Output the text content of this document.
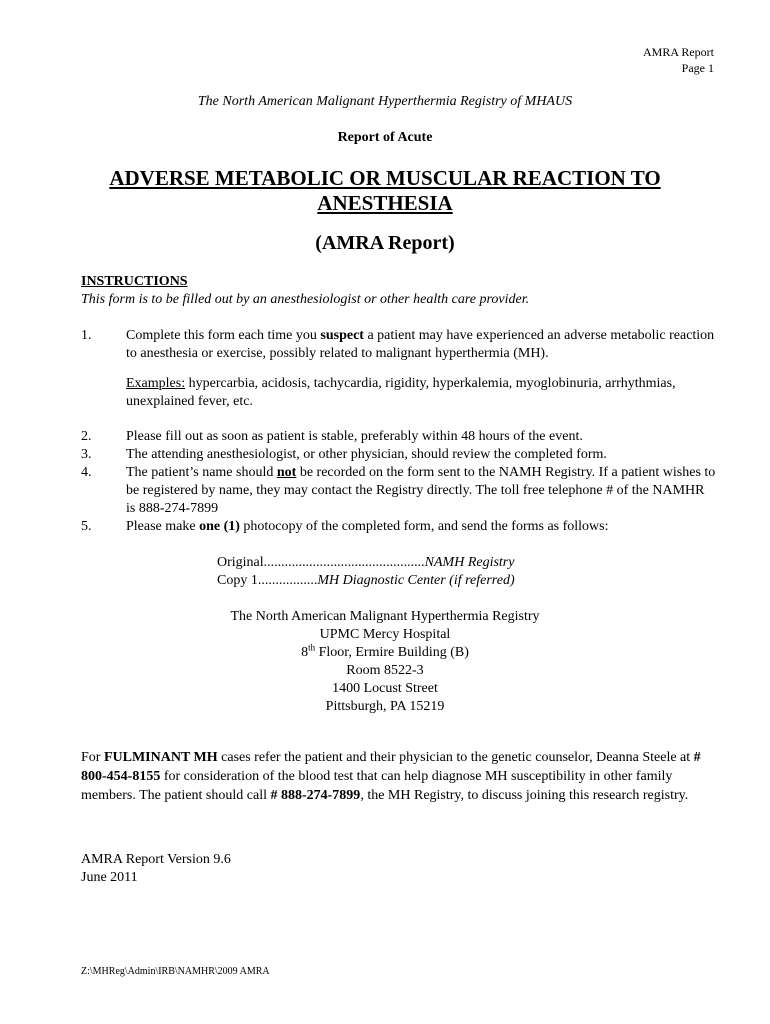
AMRA Report
Page 1
The North American Malignant Hyperthermia Registry of MHAUS
Report of Acute
ADVERSE METABOLIC OR MUSCULAR REACTION TO
ANESTHESIA
(AMRA Report)
INSTRUCTIONS
This form is to be filled out by an anesthesiologist or other health care provider.
1.	Complete this form each time you suspect a patient may have experienced an adverse metabolic reaction to anesthesia or exercise, possibly related to malignant hyperthermia (MH).
Examples: hypercarbia, acidosis, tachycardia, rigidity, hyperkalemia, myoglobinuria, arrhythmias, unexplained fever, etc.
2.	Please fill out as soon as patient is stable, preferably within 48 hours of the event.
3.	The attending anesthesiologist, or other physician, should review the completed form.
4.	The patient’s name should not be recorded on the form sent to the NAMH Registry. If a patient wishes to be registered by name, they may contact the Registry directly. The toll free telephone # of the NAMHR is 888-274-7899
5.	Please make one (1) photocopy of the completed form, and send the forms as follows:
Original..............................................NAMH Registry
Copy 1.................MH Diagnostic Center (if referred)
The North American Malignant Hyperthermia Registry
UPMC Mercy Hospital
8th Floor, Ermire Building (B)
Room 8522-3
1400 Locust Street
Pittsburgh, PA 15219
For FULMINANT MH cases refer the patient and their physician to the genetic counselor, Deanna Steele at # 800-454-8155 for consideration of the blood test that can help diagnose MH susceptibility in other family members. The patient should call # 888-274-7899, the MH Registry, to discuss joining this research registry.
AMRA Report Version 9.6
June 2011
Z:\MHReg\Admin\IRB\NAMHR\2009 AMRA
